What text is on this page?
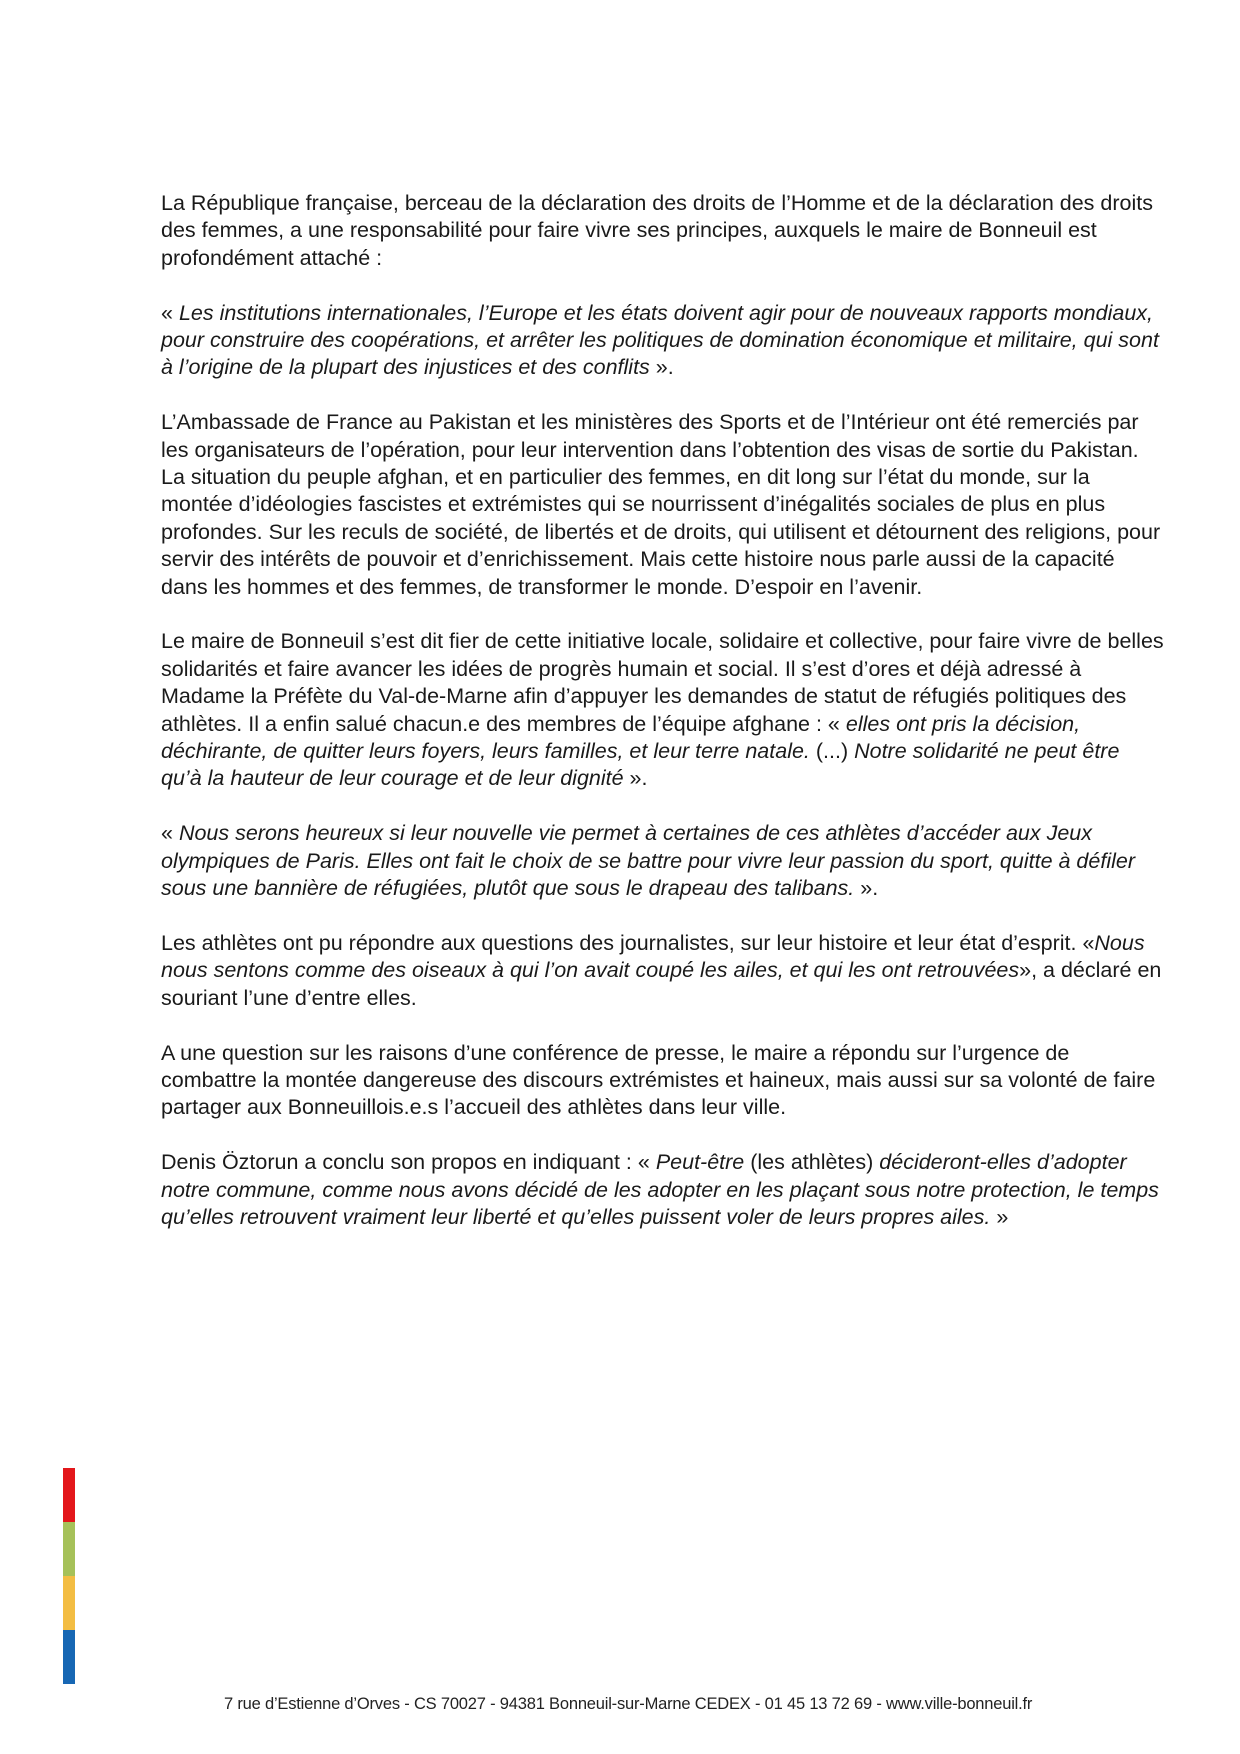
La République française, berceau de la déclaration des droits de l’Homme et de la déclaration des droits des femmes, a une responsabilité pour faire vivre ses principes, auxquels le maire de Bonneuil est profondément attaché :

« Les institutions internationales, l’Europe et les états doivent agir pour de nouveaux rapports mondiaux, pour construire des coopérations, et arrêter les politiques de domination économique et militaire, qui sont à l’origine de la plupart des injustices et des conflits ».

L’Ambassade de France au Pakistan et les ministères des Sports et de l’Intérieur ont été remerciés par les organisateurs de l’opération, pour leur intervention dans l’obtention des visas de sortie du Pakistan. La situation du peuple afghan, et en particulier des femmes, en dit long sur l’état du monde, sur la montée d’idéologies fascistes et extrémistes qui se nourrissent d’inégalités sociales de plus en plus profondes. Sur les reculs de société, de libertés et de droits, qui utilisent et détournent des religions, pour servir des intérêts de pouvoir et d’enrichissement. Mais cette histoire nous parle aussi de la capacité dans les hommes et des femmes, de transformer le monde. D’espoir en l’avenir.

Le maire de Bonneuil s’est dit fier de cette initiative locale, solidaire et collective, pour faire vivre de belles solidarités et faire avancer les idées de progrès humain et social. Il s’est d’ores et déjà adressé à Madame la Préfète du Val-de-Marne afin d’appuyer les demandes de statut de réfugiés politiques des athlètes. Il a enfin salué chacun.e des membres de l’équipe afghane : « elles ont pris la décision, déchirante, de quitter leurs foyers, leurs familles, et leur terre natale. (...) Notre solidarité ne peut être qu’à la hauteur de leur courage et de leur dignité ».

« Nous serons heureux si leur nouvelle vie permet à certaines de ces athlètes d’accéder aux Jeux olympiques de Paris. Elles ont fait le choix de se battre pour vivre leur passion du sport, quitte à défiler sous une bannière de réfugiées, plutôt que sous le drapeau des talibans. ».

Les athlètes ont pu répondre aux questions des journalistes, sur leur histoire et leur état d’esprit. «Nous nous sentons comme des oiseaux à qui l’on avait coupé les ailes, et qui les ont retrouvées», a déclaré en souriant l’une d’entre elles.

A une question sur les raisons d’une conférence de presse, le maire a répondu sur l’urgence de combattre la montée dangereuse des discours extrémistes et haineux, mais aussi sur sa volonté de faire partager aux Bonneuillois.e.s l’accueil des athlètes dans leur ville.

Denis Öztorun a conclu son propos en indiquant : « Peut-être (les athlètes) décideront-elles d’adopter notre commune, comme nous avons décidé de les adopter en les plaçant sous notre protection, le temps qu’elles retrouvent vraiment leur liberté et qu’elles puissent voler de leurs propres ailes. »

7 rue d’Estienne d’Orves - CS 70027 - 94381 Bonneuil-sur-Marne CEDEX - 01 45 13 72 69 - www.ville-bonneuil.fr
